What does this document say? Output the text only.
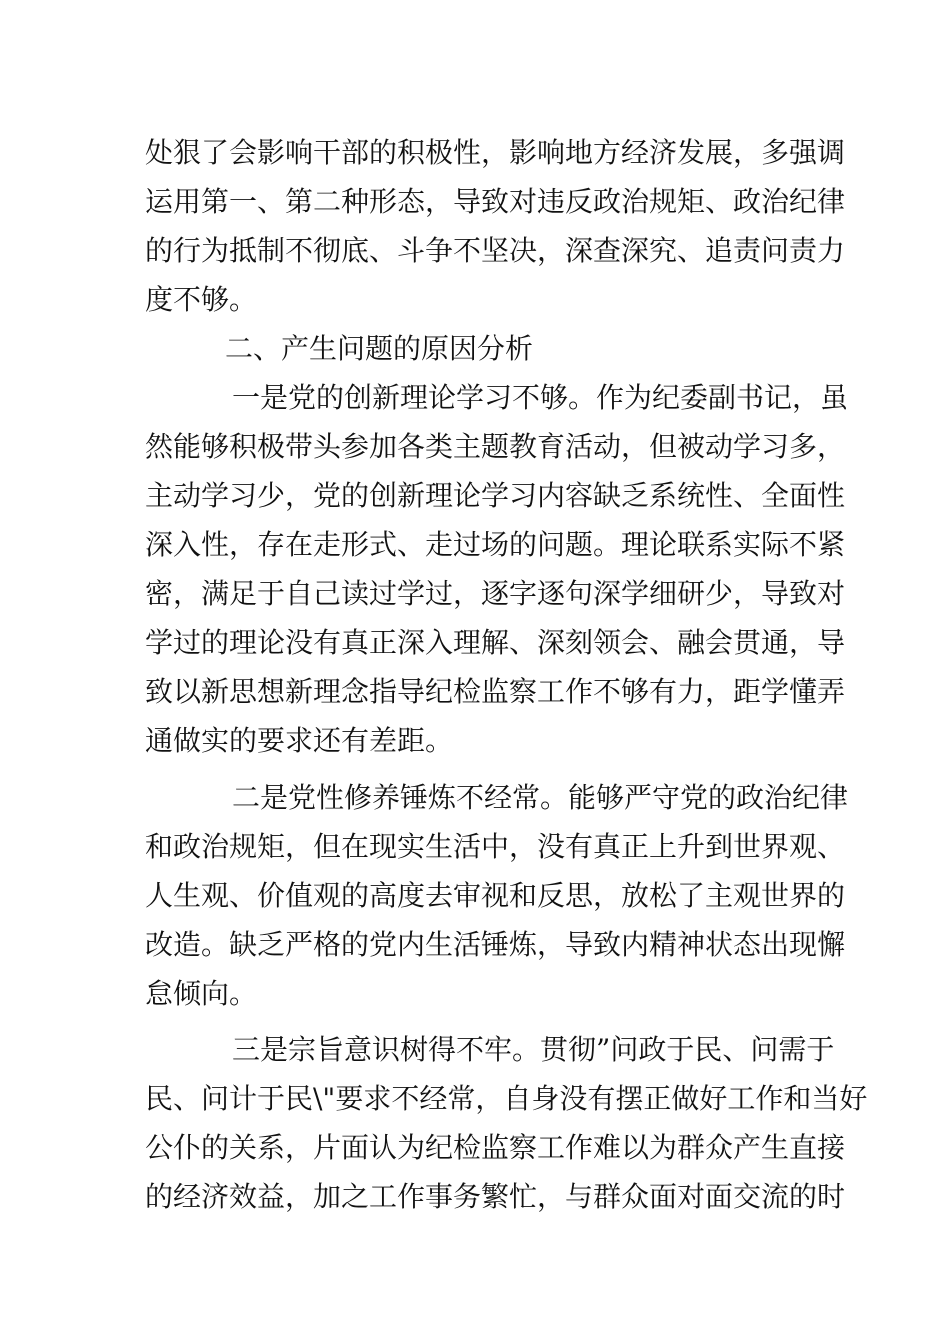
处狠了会影响干部的积极性，影响地方经济发展，多强调
运用第一、第二种形态，导致对违反政治规矩、政治纪律
的行为抵制不彻底、斗争不坚决，深查深究、追责问责力
度不够。
二、产生问题的原因分析
一是党的创新理论学习不够。作为纪委副书记，虽
然能够积极带头参加各类主题教育活动，但被动学习多，
主动学习少，党的创新理论学习内容缺乏系统性、全面性
深入性，存在走形式、走过场的问题。理论联系实际不紧
密，满足于自己读过学过，逐字逐句深学细研少，导致对
学过的理论没有真正深入理解、深刻领会、融会贯通，导
致以新思想新理念指导纪检监察工作不够有力，距学懂弄
通做实的要求还有差距。
二是党性修养锤炼不经常。能够严守党的政治纪律
和政治规矩，但在现实生活中，没有真正上升到世界观、
人生观、价值观的高度去审视和反思，放松了主观世界的
改造。缺乏严格的党内生活锤炼，导致内精神状态出现懈
怠倾向。
三是宗旨意识树得不牢。贯彻”问政于民、问需于
民、问计于民\"要求不经常，自身没有摆正做好工作和当好
公仆的关系，片面认为纪检监察工作难以为群众产生直接
的经济效益，加之工作事务繁忙，与群众面对面交流的时
